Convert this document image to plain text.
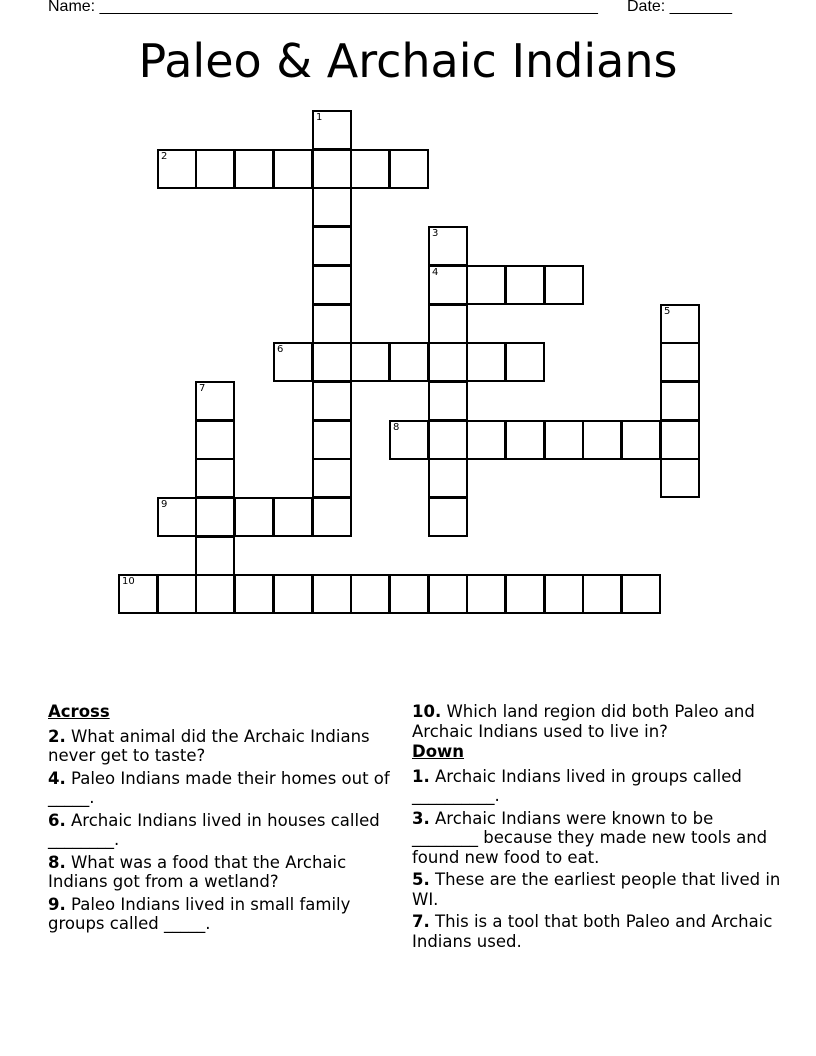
Name: ________________________________________________________ Date: _______
Paleo & Archaic Indians
1
2
3
4
5
6
7
8
9
10
Across
2. What animal did the Archaic Indians never get to taste?
4. Paleo Indians made their homes out of _____.
6. Archaic Indians lived in houses called ________.
8. What was a food that the Archaic Indians got from a wetland?
9. Paleo Indians lived in small family groups called _____.
10. Which land region did both Paleo and Archaic Indians used to live in?
Down
1. Archaic Indians lived in groups called __________.
3. Archaic Indians were known to be ________ because they made new tools and found new food to eat.
5. These are the earliest people that lived in WI.
7. This is a tool that both Paleo and Archaic Indians used.
